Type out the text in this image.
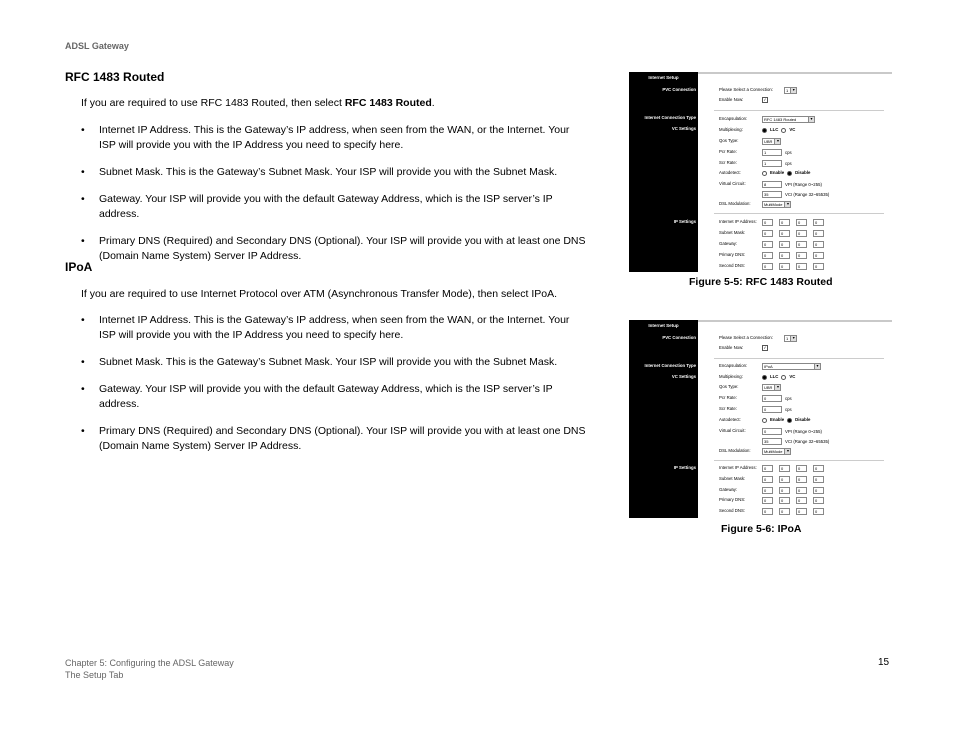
ADSL Gateway
RFC 1483 Routed
If you are required to use RFC 1483 Routed, then select RFC 1483 Routed.
• Internet IP Address. This is the Gateway’s IP address, when seen from the WAN, or the Internet. Your ISP will provide you with the IP Address you need to specify here.
• Subnet Mask. This is the Gateway’s Subnet Mask. Your ISP will provide you with the Subnet Mask.
• Gateway. Your ISP will provide you with the default Gateway Address, which is the ISP server’s IP address.
• Primary DNS (Required) and Secondary DNS (Optional). Your ISP will provide you with at least one DNS (Domain Name System) Server IP Address.
IPoA
If you are required to use Internet Protocol over ATM (Asynchronous Transfer Mode), then select IPoA.
• Internet IP Address. This is the Gateway’s IP address, when seen from the WAN, or the Internet. Your ISP will provide you with the IP Address you need to specify here.
• Subnet Mask. This is the Gateway’s Subnet Mask. Your ISP will provide you with the Subnet Mask.
• Gateway. Your ISP will provide you with the default Gateway Address, which is the ISP server’s IP address.
• Primary DNS (Required) and Secondary DNS (Optional). Your ISP will provide you with at least one DNS (Domain Name System) Server IP Address.
Internet Setup
PVC Connection
Internet Connection Type
VC Settings
IP Settings
Please Select a Connection:	1	▼
Enable Now:	✓
Encapsulation:	RFC 1483 Routed	▼
Multiplexing:	LLC	VC
Qos Type:	UBR	▼
Pcr Rate:	1	cps
Scr Rate:	1	cps
Autodetect:	Enable	Disable
Virtual Circuit:	8	VPI (Range 0~255)
35	VCI (Range 32~65535)
DSL Modulation:	MultiMode	▼
Internet IP Address:	0	0	0	0
Subnet Mask:	0	0	0	0
Gateway:	0	0	0	0
Primary DNS:	0	0	0	0
Second DNS:	0	0	0	0
Figure 5-5: RFC 1483 Routed
Internet Setup
PVC Connection
Internet Connection Type
VC Settings
IP Settings
Please Select a Connection:	1	▼
Enable Now:	✓
Encapsulation:	IPoA	▼
Multiplexing:	LLC	VC
Qos Type:	UBR	▼
Pcr Rate:	0	cps
Scr Rate:	0	cps
Autodetect:	Enable	Disable
Virtual Circuit:	0	VPI (Range 0~255)
35	VCI (Range 32~65535)
DSL Modulation:	MultiMode	▼
Internet IP Address:	0	0	0	0
Subnet Mask:	0	0	0	0
Gateway:	0	0	0	0
Primary DNS:	0	0	0	0
Second DNS:	0	0	0	0
Figure 5-6: IPoA
Chapter 5: Configuring the ADSL Gateway
The Setup Tab
15
